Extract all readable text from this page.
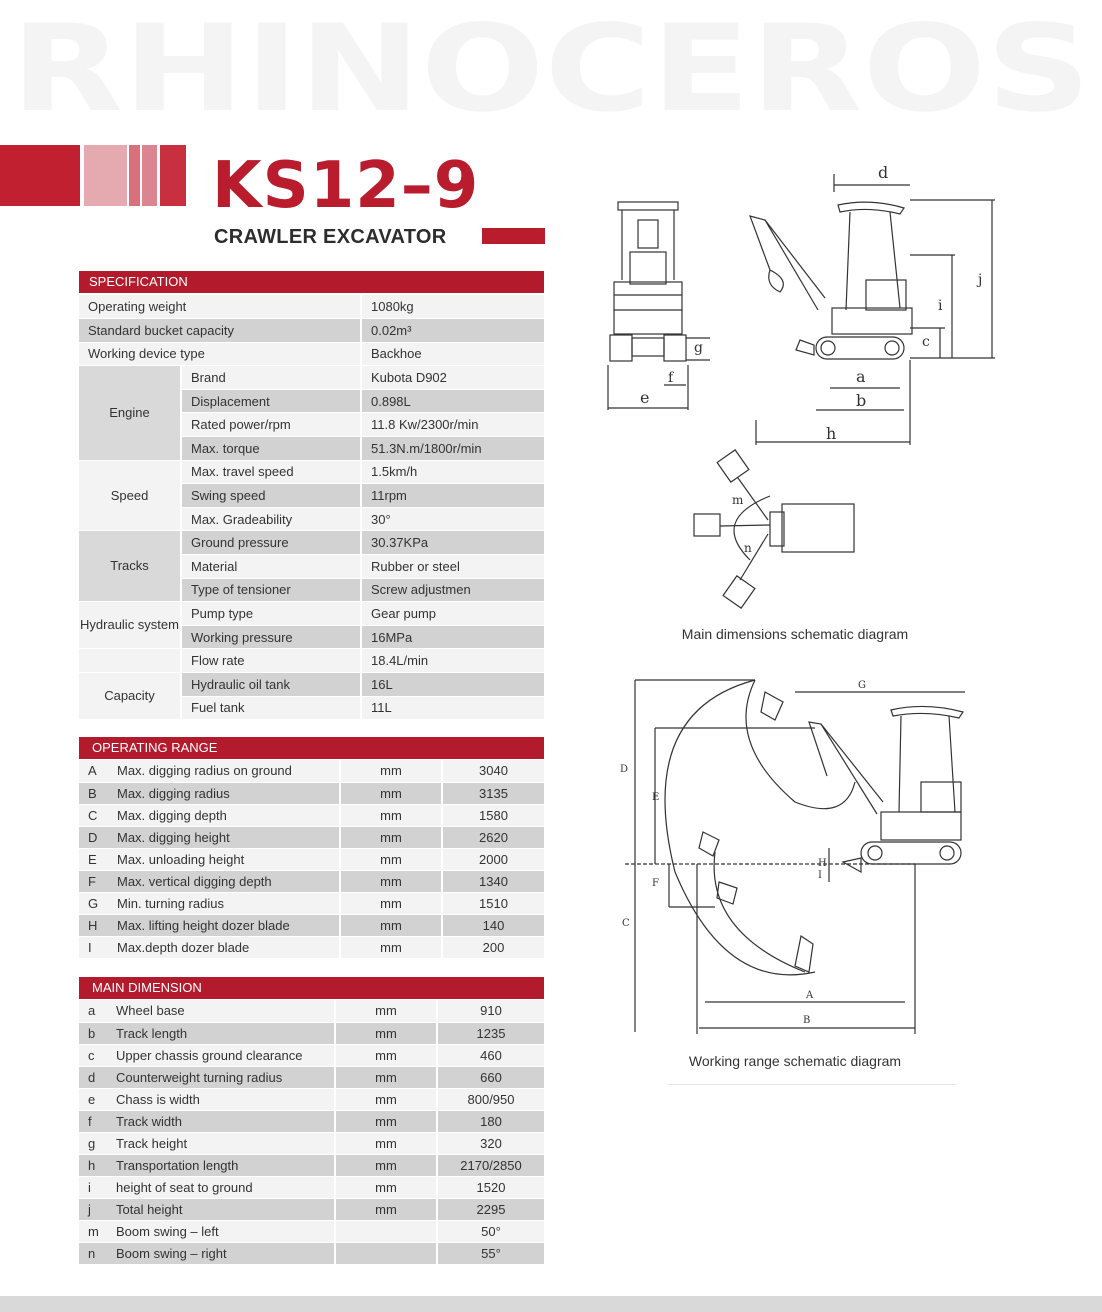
RHINOCEROS
KS12–9
CRAWLER EXCAVATOR
SPECIFICATION
Operating weight		1080kg
Standard bucket capacity		0.02m³
Working device type		Backhoe
Engine	Brand	Kubota D902
	Displacement	0.898L
	Rated power/rpm	11.8 Kw/2300r/min
	Max. torque	51.3N.m/1800r/min
Speed	Max. travel speed	1.5km/h
	Swing speed	11rpm
	Max. Gradeability	30°
Tracks	Ground pressure	30.37KPa
	Material	Rubber or steel
	Type of tensioner	Screw adjustmen
Hydraulic system	Pump type	Gear pump
	Working pressure	16MPa
	Flow rate	18.4L/min
Capacity	Hydraulic oil tank	16L
	Fuel tank	11L
OPERATING RANGE
A	Max. digging radius on ground	mm	3040
B	Max. digging radius	mm	3135
C	Max. digging depth	mm	1580
D	Max. digging height	mm	2620
E	Max. unloading height	mm	2000
F	Max. vertical digging depth	mm	1340
G	Min. turning radius	mm	1510
H	Max. lifting height dozer blade	mm	140
I	Max.depth dozer blade	mm	200
MAIN DIMENSION
a	Wheel base	mm	910
b	Track length	mm	1235
c	Upper chassis ground clearance	mm	460
d	Counterweight turning radius	mm	660
e	Chass is width	mm	800/950
f	Track width	mm	180
g	Track height	mm	320
h	Transportation length	mm	2170/2850
i	height of seat to ground	mm	1520
j	Total height	mm	2295
m	Boom swing – left		50°
n	Boom swing – right		55°
e
f
g
d
a
b
h
c
i
j
m
n
Main dimensions schematic diagram
D
E
F
C
G
H
I
A
B
Working range schematic diagram
